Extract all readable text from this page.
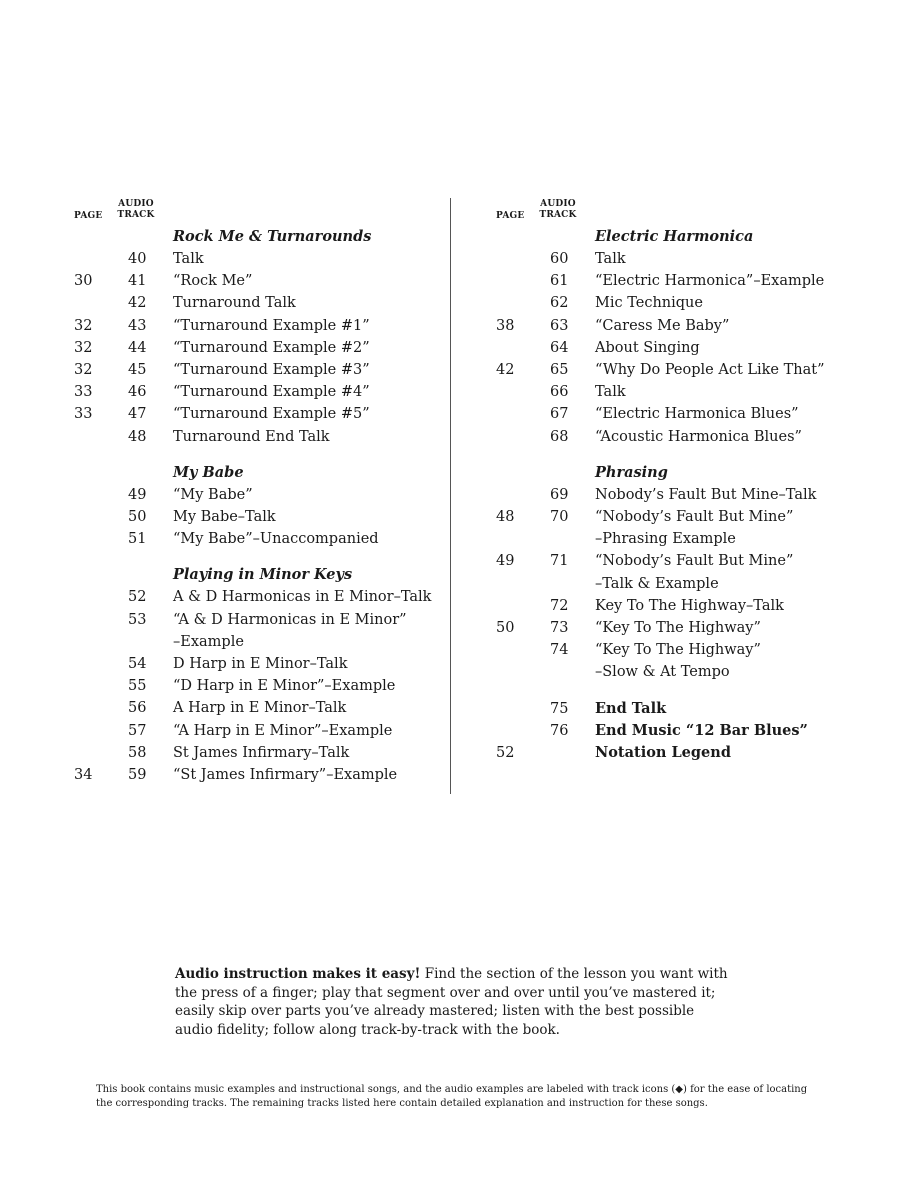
PAGE
AUDIO
TRACK
Rock Me & Turnarounds
40	Talk
30	41	“Rock Me”
42	Turnaround Talk
32	43	“Turnaround Example #1”
32	44	“Turnaround Example #2”
32	45	“Turnaround Example #3”
33	46	“Turnaround Example #4”
33	47	“Turnaround Example #5”
48	Turnaround End Talk
My Babe
49	“My Babe”
50	My Babe–Talk
51	“My Babe”–Unaccompanied
Playing in Minor Keys
52	A & D Harmonicas in E Minor–Talk
53	“A & D Harmonicas in E Minor”
–Example
54	D Harp in E Minor–Talk
55	“D Harp in E Minor”–Example
56	A Harp in E Minor–Talk
57	“A Harp in E Minor”–Example
58	St James Infirmary–Talk
34	59	“St James Infirmary”–Example
PAGE
AUDIO
TRACK
Electric Harmonica
60	Talk
61	“Electric Harmonica”–Example
62	Mic Technique
38	63	“Caress Me Baby”
64	About Singing
42	65	“Why Do People Act Like That”
66	Talk
67	“Electric Harmonica Blues”
68	“Acoustic Harmonica Blues”
Phrasing
69	Nobody’s Fault But Mine–Talk
48	70	“Nobody’s Fault But Mine”
–Phrasing Example
49	71	“Nobody’s Fault But Mine”
–Talk & Example
72	Key To The Highway–Talk
50	73	“Key To The Highway”
74	“Key To The Highway”
–Slow & At Tempo
75	End Talk
76	End Music “12 Bar Blues”
52	Notation Legend
Audio instruction makes it easy! Find the section of the lesson you want with the press of a finger; play that segment over and over until you’ve mastered it; easily skip over parts you’ve already mastered; listen with the best possible audio fidelity; follow along track-by-track with the book.
This book contains music examples and instructional songs, and the audio examples are labeled with track icons (◆) for the ease of locating the corresponding tracks. The remaining tracks listed here contain detailed explanation and instruction for these songs.
